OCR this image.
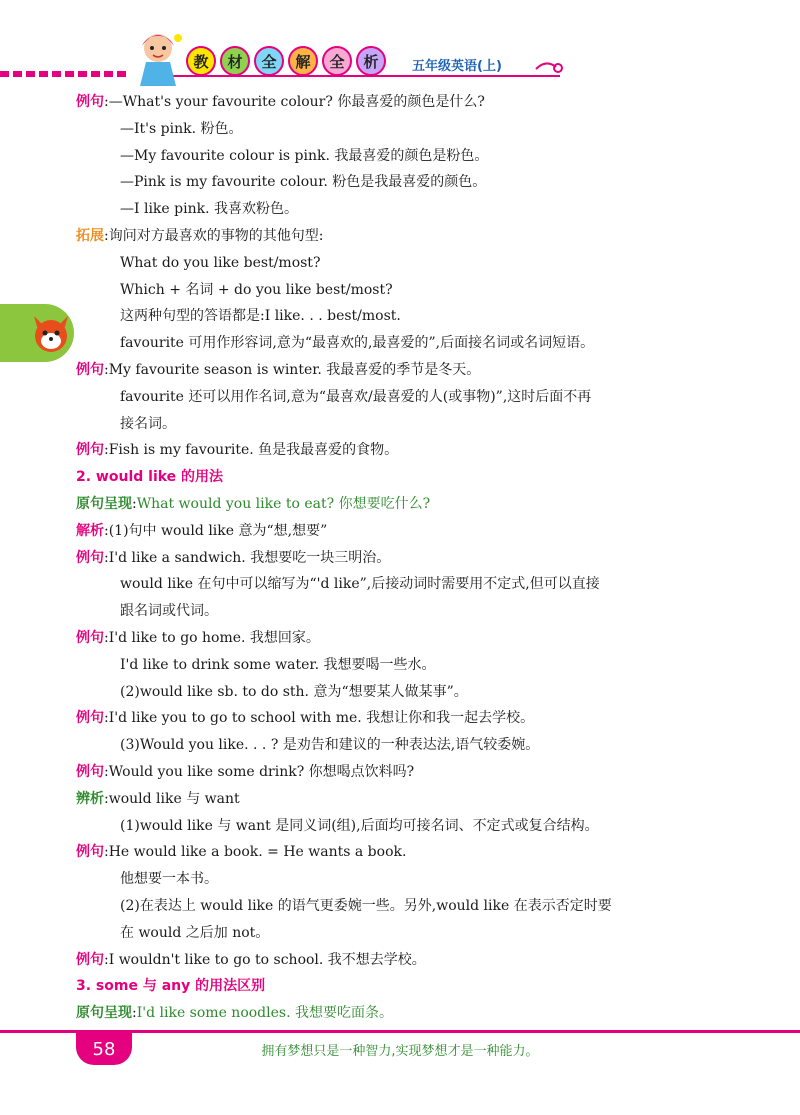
教	材	全	解	全	析	五年级英语(上)
例句:—What's your favourite colour? 你最喜爱的颜色是什么?
—It's pink. 粉色。
—My favourite colour is pink. 我最喜爱的颜色是粉色。
—Pink is my favourite colour. 粉色是我最喜爱的颜色。
—I like pink. 我喜欢粉色。
拓展:询问对方最喜欢的事物的其他句型:
What do you like best/most?
Which + 名词 + do you like best/most?
这两种句型的答语都是:I like. . . best/most.
favourite 可用作形容词,意为“最喜欢的,最喜爱的”,后面接名词或名词短语。
例句:My favourite season is winter. 我最喜爱的季节是冬天。
favourite 还可以用作名词,意为“最喜欢/最喜爱的人(或事物)”,这时后面不再
接名词。
例句:Fish is my favourite. 鱼是我最喜爱的食物。
2. would like 的用法
原句呈现:What would you like to eat? 你想要吃什么?
解析:(1)句中 would like 意为“想,想要”
例句:I'd like a sandwich. 我想要吃一块三明治。
would like 在句中可以缩写为“'d like”,后接动词时需要用不定式,但可以直接
跟名词或代词。
例句:I'd like to go home. 我想回家。
I'd like to drink some water. 我想要喝一些水。
(2)would like sb. to do sth. 意为“想要某人做某事”。
例句:I'd like you to go to school with me. 我想让你和我一起去学校。
(3)Would you like. . . ? 是劝告和建议的一种表达法,语气较委婉。
例句:Would you like some drink? 你想喝点饮料吗?
辨析:would like 与 want
(1)would like 与 want 是同义词(组),后面均可接名词、不定式或复合结构。
例句:He would like a book. = He wants a book.
他想要一本书。
(2)在表达上 would like 的语气更委婉一些。另外,would like 在表示否定时要
在 would 之后加 not。
例句:I wouldn't like to go to school. 我不想去学校。
3. some 与 any 的用法区别
原句呈现:I'd like some noodles. 我想要吃面条。
58	拥有梦想只是一种智力,实现梦想才是一种能力。
